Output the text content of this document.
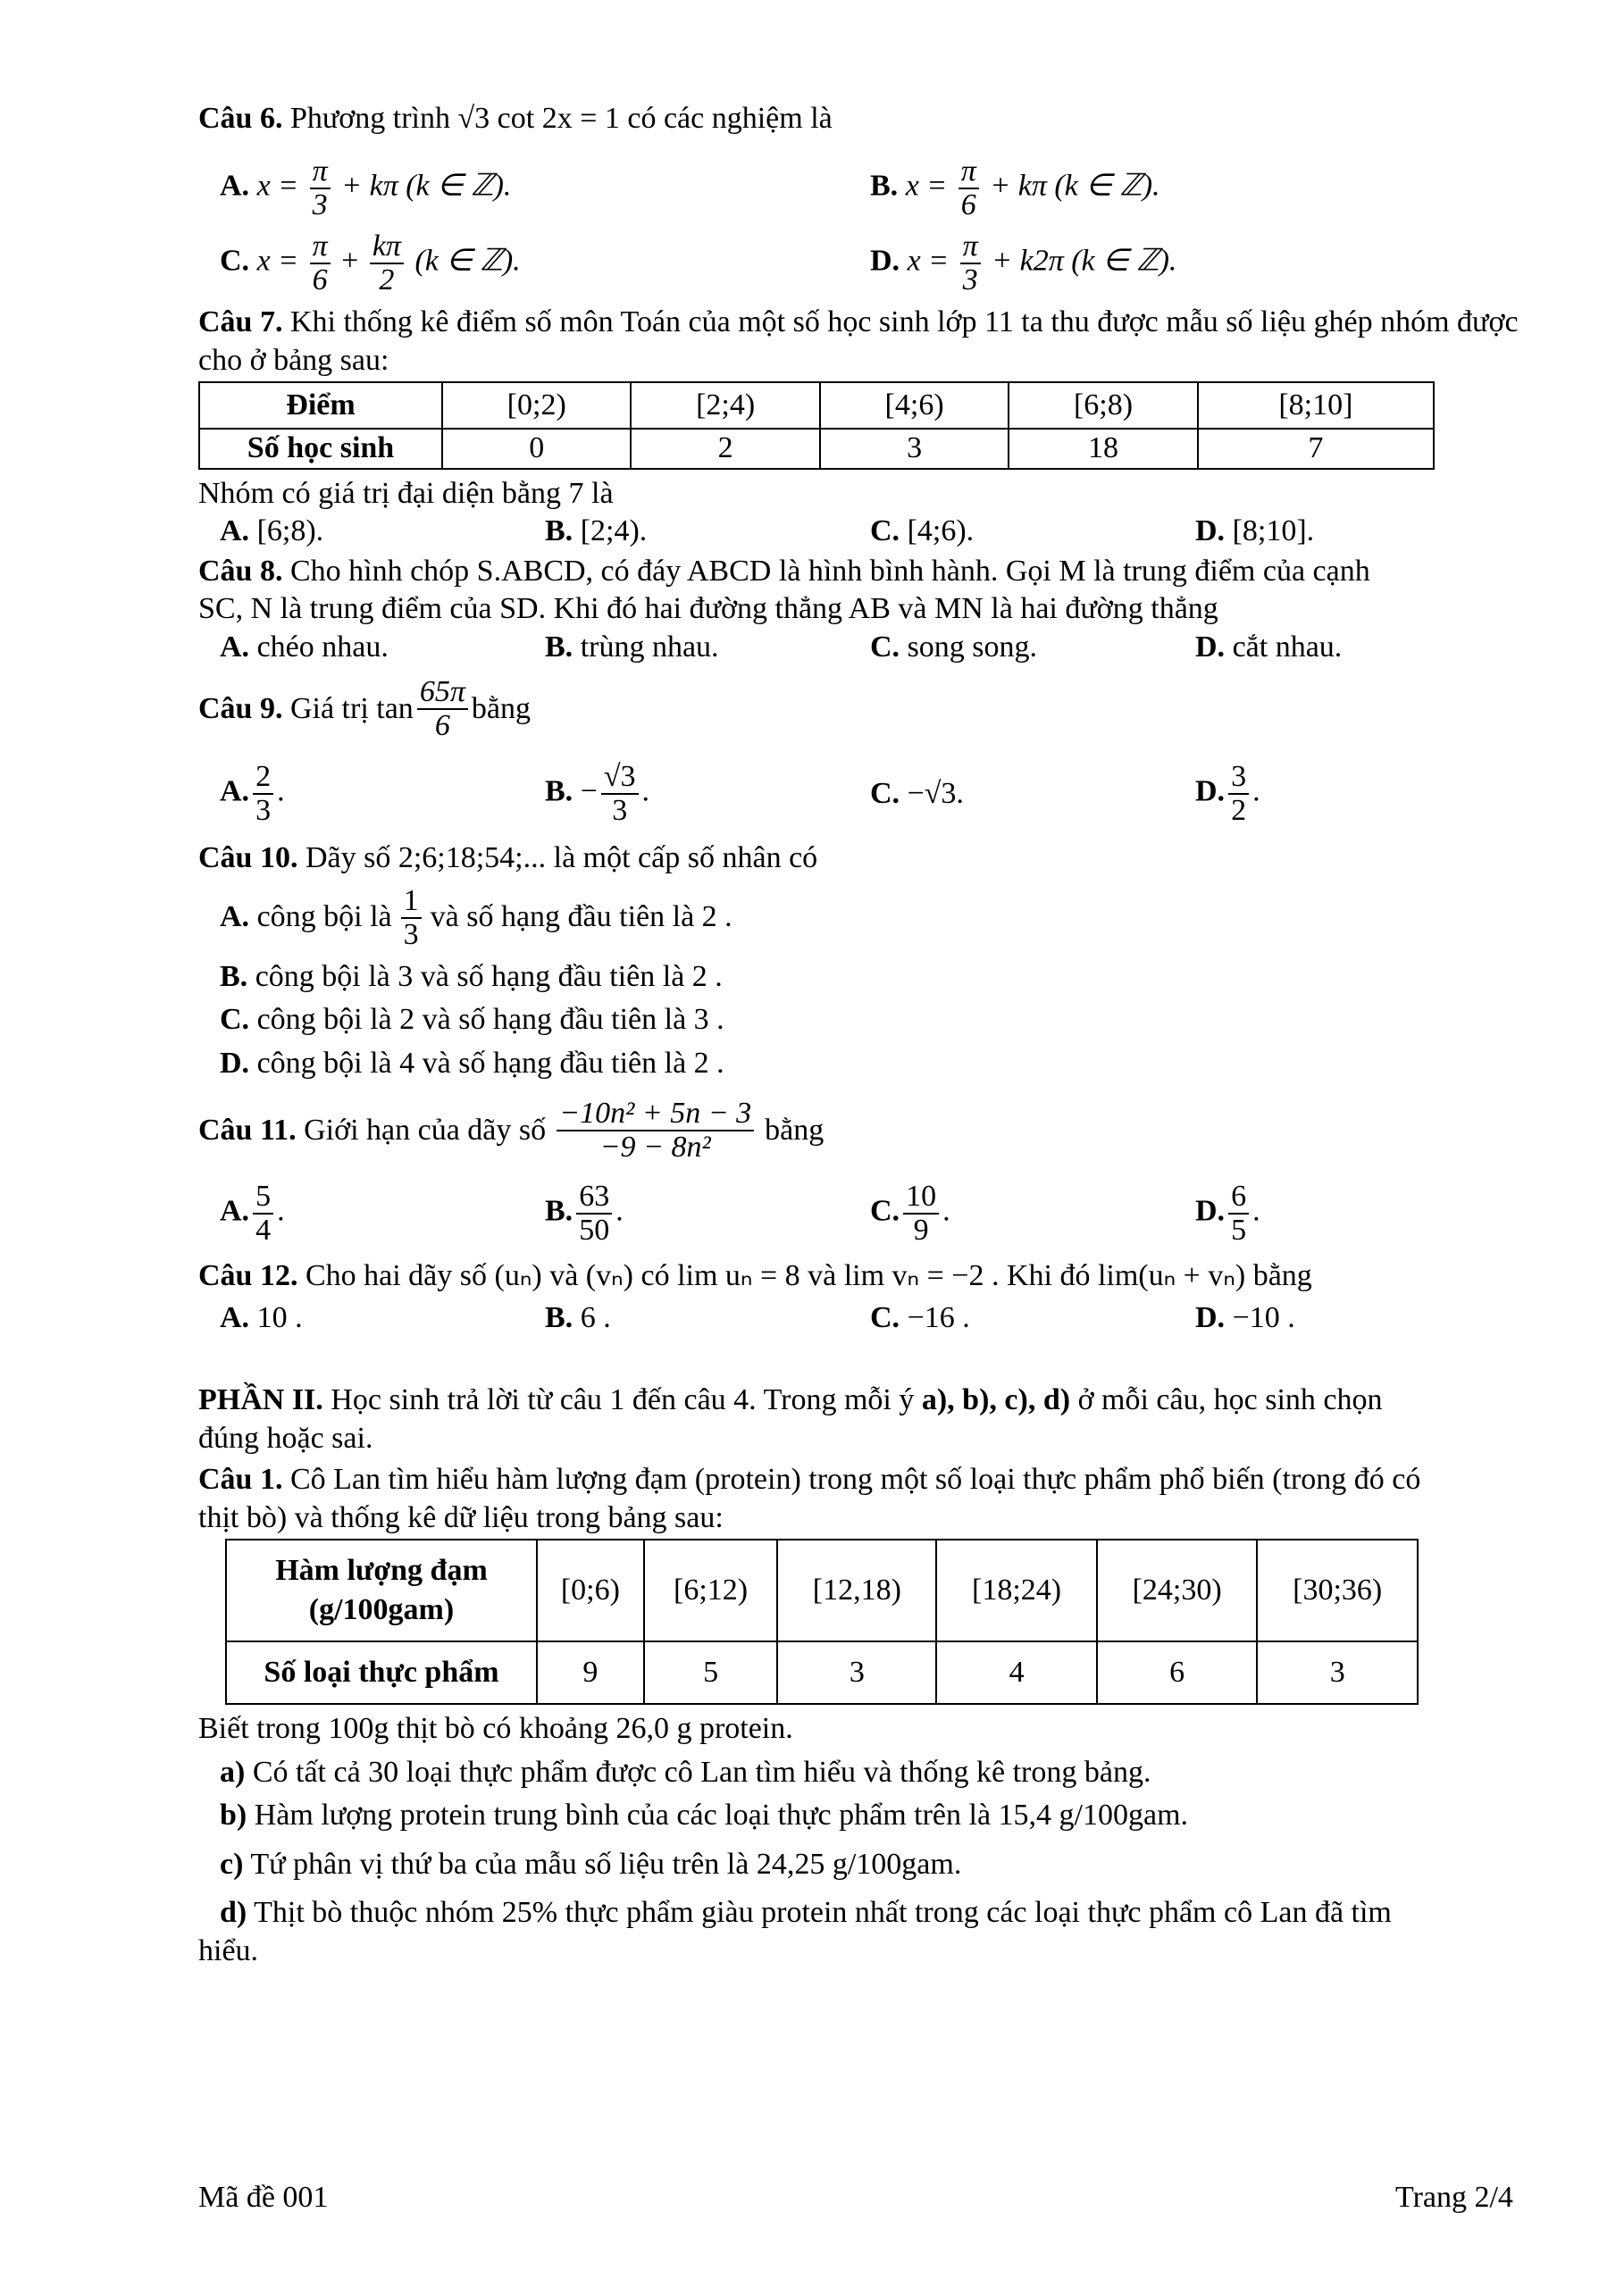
Câu 6. Phương trình √3 cot 2x = 1 có các nghiệm là
A. $x = \frac{\pi}{3} + k\pi$ (k ∈ ℤ).	B. $x = \frac{\pi}{6} + k\pi$ (k ∈ ℤ).
C. $x = \frac{\pi}{6} + \frac{k\pi}{2} (k$ ∈ ℤ).	D. $x = \frac{\pi}{3} + k2\pi$ (k ∈ ℤ).
Câu 7. Khi thống kê điểm số môn Toán của một số học sinh lớp 11 ta thu được mẫu số liệu ghép nhóm được cho ở bảng sau:
Điểm	[0;2)	[2;4)	[4;6)	[6;8)	[8;10]
Số học sinh	0	2	3	18	7
Nhóm có giá trị đại diện bằng 7 là
A. [6;8).	B. [2;4).	C. [4;6).	D. [8;10].
Câu 8. Cho hình chóp S.ABCD, có đáy ABCD là hình bình hành. Gọi M là trung điểm của cạnh
SC, N là trung điểm của SD. Khi đó hai đường thẳng AB và MN là hai đường thẳng
A. chéo nhau.	B. trùng nhau.	C. song song.	D. cắt nhau.
Câu 9.
Giá trị $\tan \frac{65\pi}{6}$ bằng
A. $\frac{2}{3}$ .	B. − $\frac{√3}{3}$ .	C. −√3.	D. $\frac{3}{2}$ .
Câu 10. Dãy số 2;6;18;54;... là một cấp số nhân có
A.
công bội là $\frac{1}{3}$ và số hạng đầu tiên là 2 .
B. công bội là 3 và số hạng đầu tiên là 2 .
C. công bội là 2 và số hạng đầu tiên là 3 .
D. công bội là 4 và số hạng đầu tiên là 2 .
Câu 11.
Giới hạn của dãy số $\frac{\text{−10n² + 5n − 3}}{\text{−9 − 8n²}}$ bằng
A. $\frac{5}{4}$ .	B. $\frac{63}{50}$ .	C. $\frac{10}{9}$ .	D. $\frac{6}{5}$ .
Câu 12. Cho hai dãy số (uₙ) và (vₙ) có lim uₙ = 8 và lim vₙ = −2 . Khi đó lim(uₙ + vₙ) bằng
A. 10 .	B. 6 .	C. −16 .	D. −10 .
PHẦN II. Học sinh trả lời từ câu 1 đến câu 4. Trong mỗi ý a), b), c), d) ở mỗi câu, học sinh chọn
đúng hoặc sai.
Câu 1. Cô Lan tìm hiểu hàm lượng đạm (protein) trong một số loại thực phẩm phổ biến (trong đó có
thịt bò) và thống kê dữ liệu trong bảng sau:
Hàm lượng đạm
(g/100gam)	[0;6)	[6;12)	[12,18)	[18;24)	[24;30)	[30;36)
Số loại thực phẩm	9	5	3	4	6	3
Biết trong 100g thịt bò có khoảng 26,0 g protein.
a) Có tất cả 30 loại thực phẩm được cô Lan tìm hiểu và thống kê trong bảng.
b) Hàm lượng protein trung bình của các loại thực phẩm trên là 15,4 g/100gam.
c) Tứ phân vị thứ ba của mẫu số liệu trên là 24,25 g/100gam.
d) Thịt bò thuộc nhóm 25% thực phẩm giàu protein nhất trong các loại thực phẩm cô Lan đã tìm
hiểu.
Mã đề 001	Trang 2/4
